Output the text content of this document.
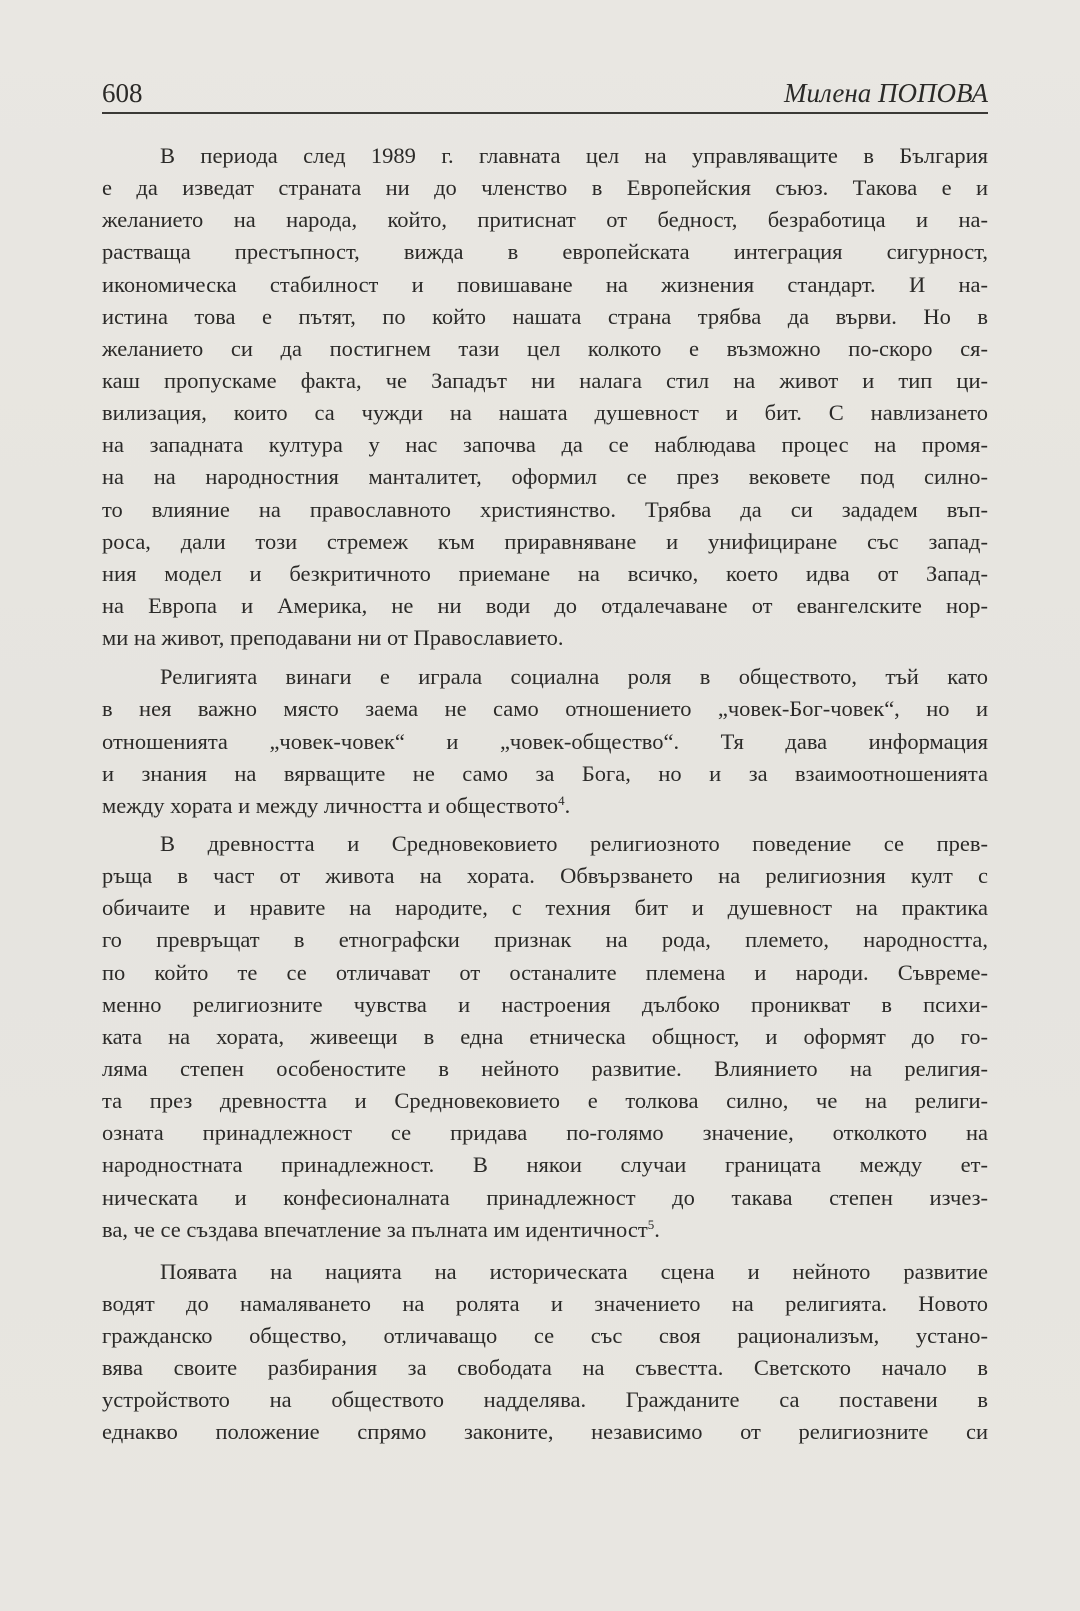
608	Милена ПОПОВА

В периода след 1989 г. главната цел на управляващите в България
е да изведат страната ни до членство в Европейския съюз. Такова е и
желанието на народа, който, притиснат от бедност, безработица и на-
растваща престъпност, вижда в европейската интеграция сигурност,
икономическа стабилност и повишаване на жизнения стандарт. И на-
истина това е пътят, по който нашата страна трябва да върви. Но в
желанието си да постигнем тази цел колкото е възможно по-скоро ся-
каш пропускаме факта, че Западът ни налага стил на живот и тип ци-
вилизация, които са чужди на нашата душевност и бит. С навлизането
на западната култура у нас започва да се наблюдава процес на промя-
на на народностния манталитет, оформил се през вековете под силно-
то влияние на православното християнство. Трябва да си зададем въп-
роса, дали този стремеж към приравняване и унифициране със запад-
ния модел и безкритичното приемане на всичко, което идва от Запад-
на Европа и Америка, не ни води до отдалечаване от евангелските нор-
ми на живот, преподавани ни от Православието.

Религията винаги е играла социална роля в обществото, тъй като
в нея важно място заема не само отношението „човек-Бог-човек“, но и
отношенията „човек-човек“ и „човек-общество“. Тя дава информация
и знания на вярващите не само за Бога, но и за взаимоотношенията
между хората и между личността и обществото$^4$.

В древността и Средновековието религиозното поведение се прев-
ръща в част от живота на хората. Обвързването на религиозния култ с
обичаите и нравите на народите, с техния бит и душевност на практика
го превръщат в етнографски признак на рода, племето, народността,
по който те се отличават от останалите племена и народи. Съвремe-
менно религиозните чувства и настроения дълбоко проникват в психи-
ката на хората, живеещи в една етническа общност, и оформят до го-
ляма степен особеностите в нейното развитие. Влиянието на религия-
та през древността и Средновековието е толкова силно, че на религи-
озната принадлежност се придава по-голямо значение, отколкото на
народностната принадлежност. В някои случаи границата между ет-
ническата и конфесионалната принадлежност до такава степен изчез-
ва, че се създава впечатление за пълната им идентичност$^5$.

Появата на нацията на историческата сцена и нейното развитие
водят до намаляването на ролята и значението на религията. Новото
гражданско общество, отличаващо се със своя рационализъм, устано-
вява своите разбирания за свободата на съвестта. Светското начало в
устройството на обществото надделява. Гражданите са поставени в
еднакво положение спрямо законите, независимо от религиозните си
